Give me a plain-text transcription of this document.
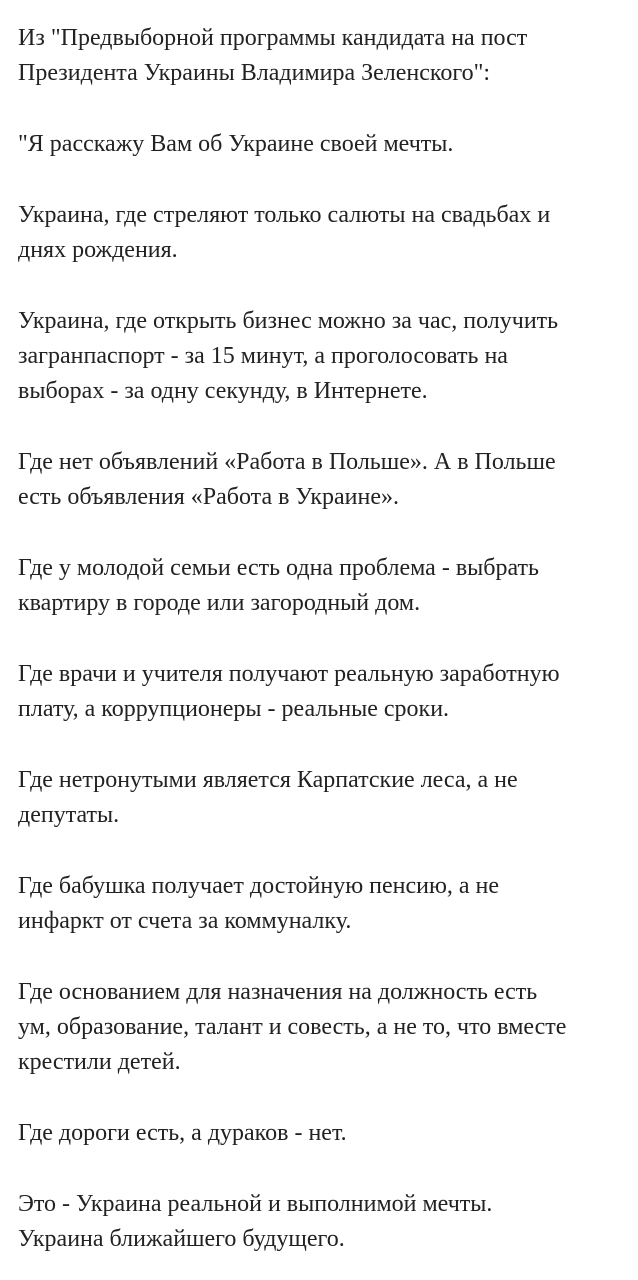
Из "Предвыборной программы кандидата на пост
Президента Украины Владимира Зеленского":

"Я расскажу Вам об Украине своей мечты.

Украина, где стреляют только салюты на свадьбах и
днях рождения.

Украина, где открыть бизнес можно за час, получить
загранпаспорт - за 15 минут, а проголосовать на
выборах - за одну секунду, в Интернете.

Где нет объявлений «Работа в Польше». А в Польше
есть объявления «Работа в Украине».

Где у молодой семьи есть одна проблема - выбрать
квартиру в городе или загородный дом.

Где врачи и учителя получают реальную заработную
плату, а коррупционеры - реальные сроки.

Где нетронутыми является Карпатские леса, а не
депутаты.

Где бабушка получает достойную пенсию, а не
инфаркт от счета за коммуналку.

Где основанием для назначения на должность есть
ум, образование, талант и совесть, а не то, что вместе
крестили детей.

Где дороги есть, а дураков - нет.

Это - Украина реальной и выполнимой мечты.
Украина ближайшего будущего.
